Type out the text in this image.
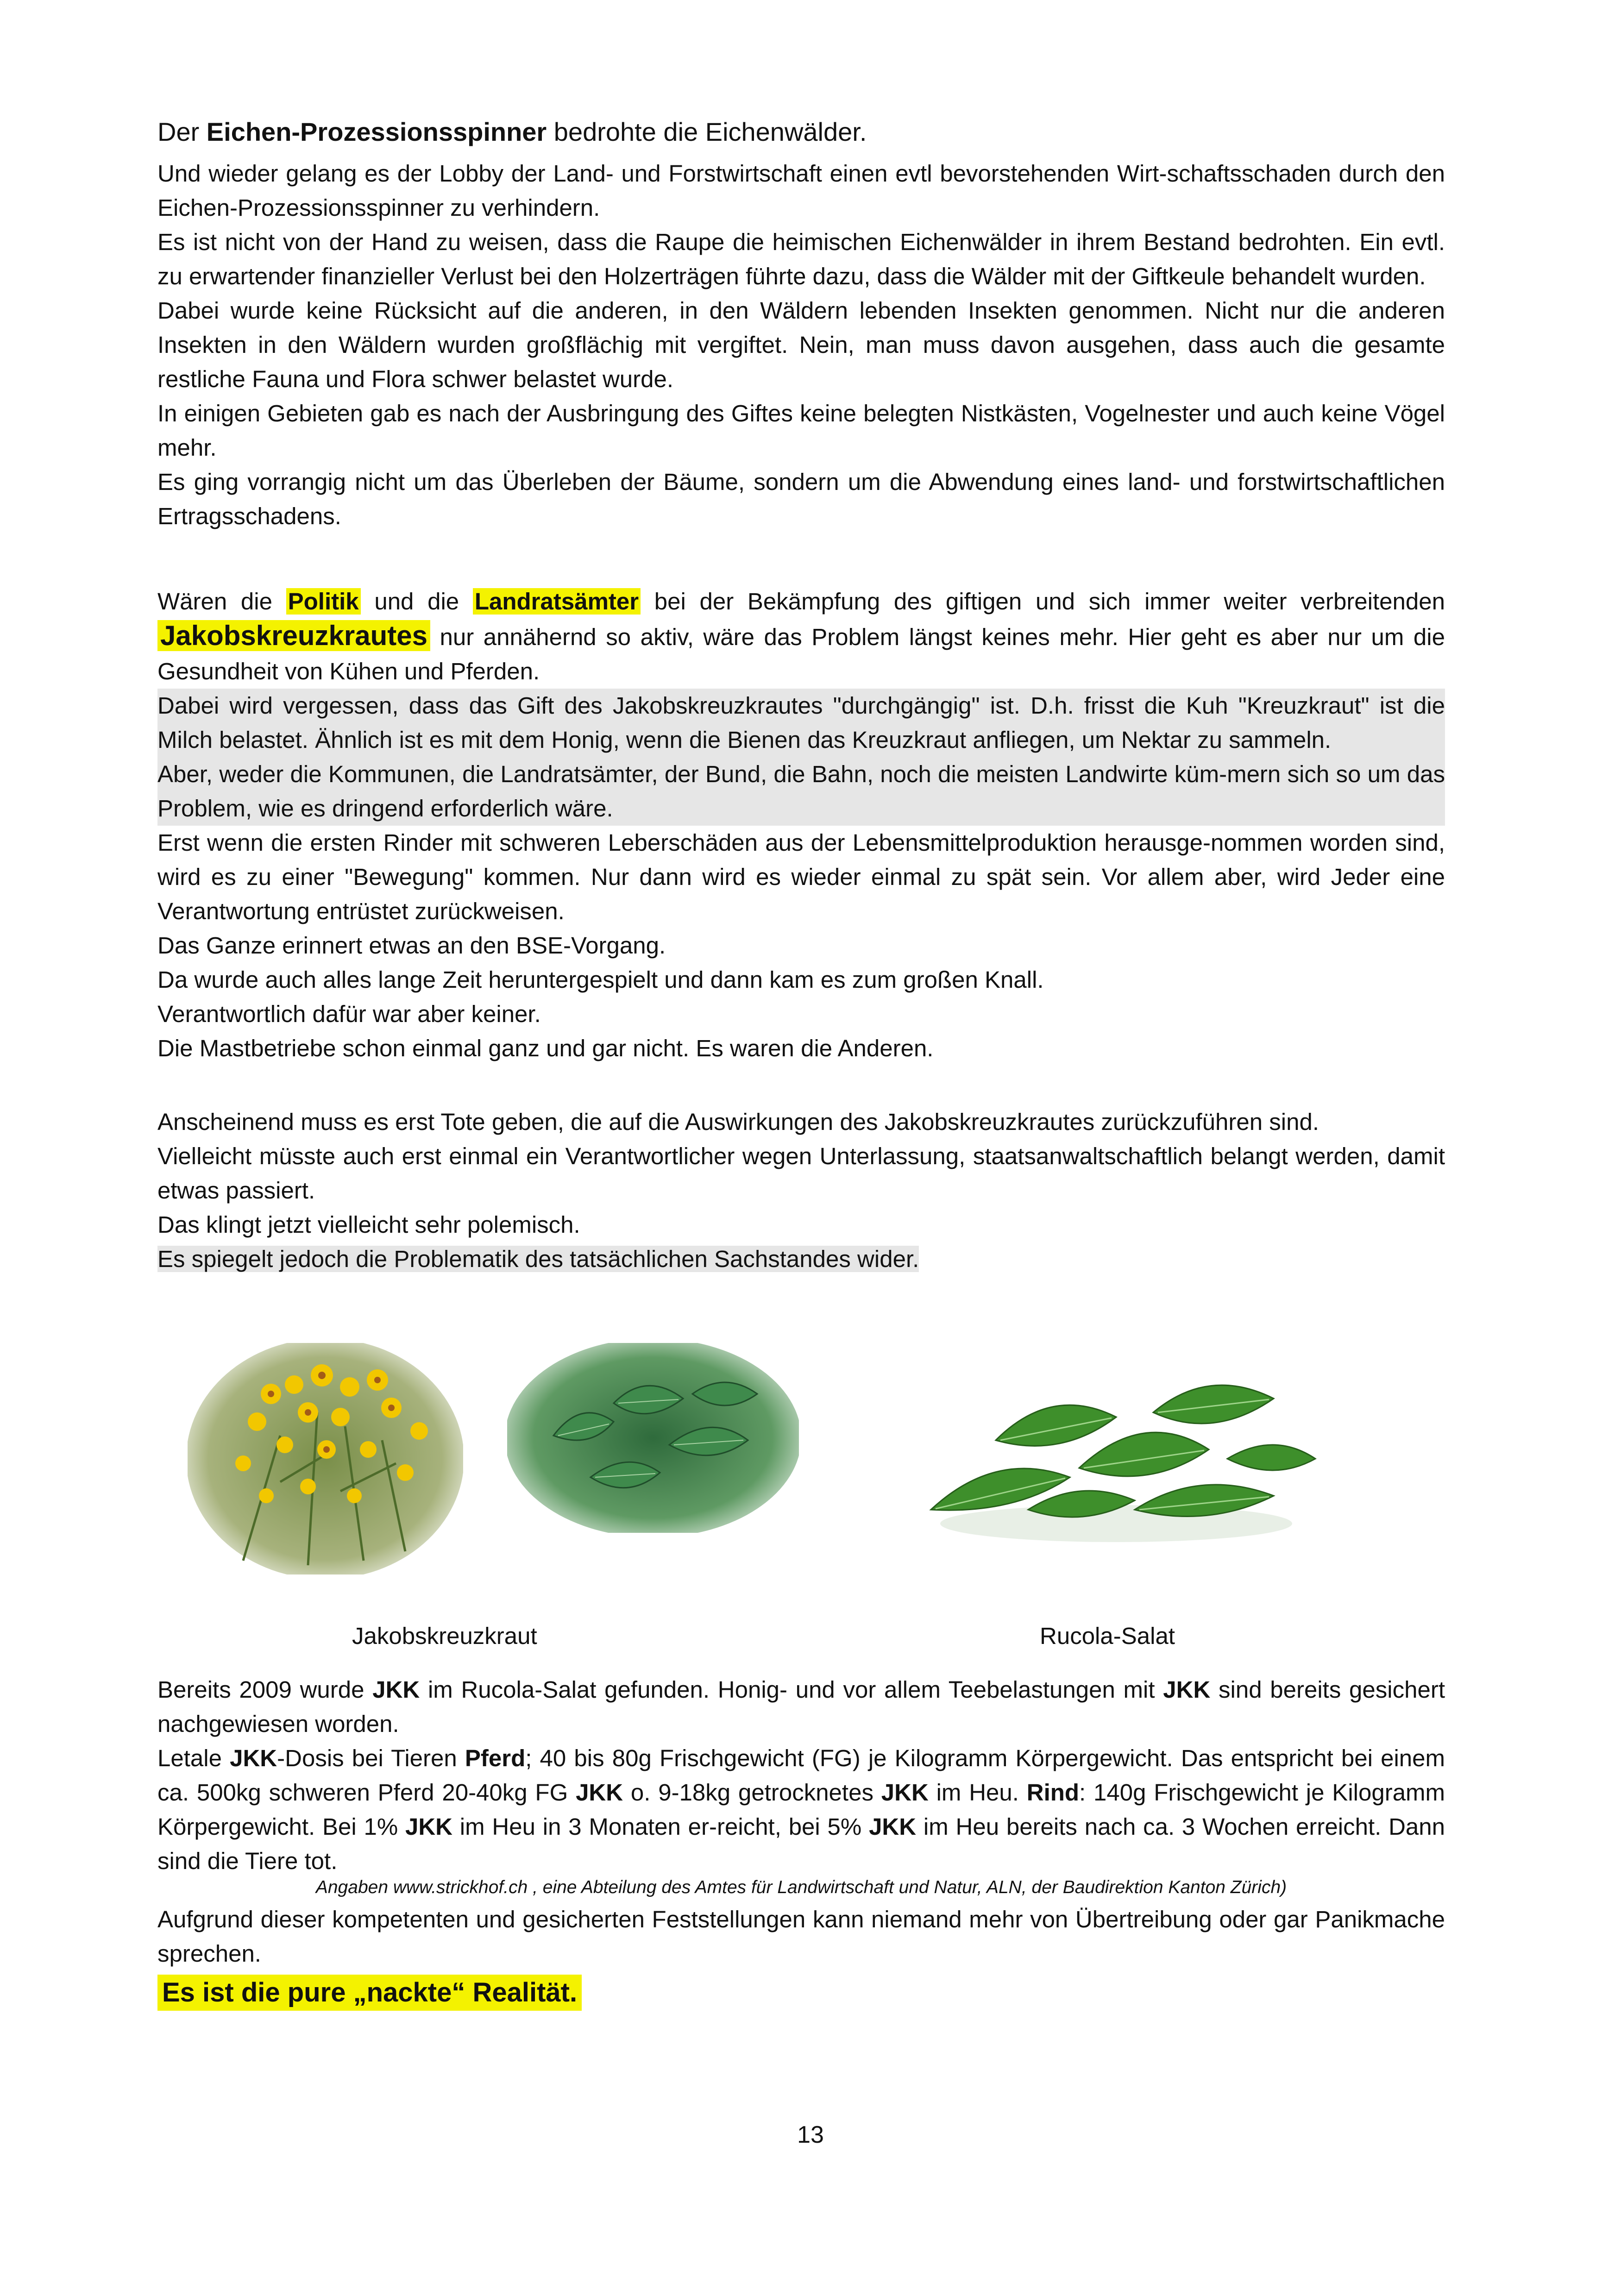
Der Eichen-Prozessionsspinner bedrohte die Eichenwälder.

Und wieder gelang es der Lobby der Land- und Forstwirtschaft einen evtl bevorstehenden Wirt-schaftsschaden durch den Eichen-Prozessionsspinner zu verhindern.

Es ist nicht von der Hand zu weisen, dass die Raupe die heimischen Eichenwälder in ihrem Bestand bedrohten. Ein evtl. zu erwartender finanzieller Verlust bei den Holzerträgen führte dazu, dass die Wälder mit der Giftkeule behandelt wurden.

Dabei wurde keine Rücksicht auf die anderen, in den Wäldern lebenden Insekten genommen. Nicht nur die anderen Insekten in den Wäldern wurden großflächig mit vergiftet. Nein, man muss davon ausgehen, dass auch die gesamte restliche Fauna und Flora schwer belastet wurde.

In einigen Gebieten gab es nach der Ausbringung des Giftes keine belegten Nistkästen, Vogelnester und auch keine Vögel mehr.

Es ging vorrangig nicht um das Überleben der Bäume, sondern um die Abwendung eines land- und forstwirtschaftlichen Ertragsschadens.

Wären die Politik und die Landratsämter bei der Bekämpfung des giftigen und sich immer weiter verbreitenden Jakobskreuzkrautes nur annähernd so aktiv, wäre das Problem längst keines mehr. Hier geht es aber nur um die Gesundheit von Kühen und Pferden.

Dabei wird vergessen, dass das Gift des Jakobskreuzkrautes "durchgängig" ist. D.h. frisst die Kuh "Kreuzkraut" ist die Milch belastet. Ähnlich ist es mit dem Honig, wenn die Bienen das Kreuzkraut anfliegen, um Nektar zu sammeln.

Aber, weder die Kommunen, die Landratsämter, der Bund, die Bahn, noch die meisten Landwirte küm-mern sich so um das Problem, wie es dringend erforderlich wäre.

Erst wenn die ersten Rinder mit schweren Leberschäden aus der Lebensmittelproduktion herausge-nommen worden sind, wird es zu einer "Bewegung" kommen. Nur dann wird es wieder einmal zu spät sein. Vor allem aber, wird Jeder eine Verantwortung entrüstet zurückweisen.

Das Ganze erinnert etwas an den BSE-Vorgang.

Da wurde auch alles lange Zeit heruntergespielt und dann kam es zum großen Knall.

Verantwortlich dafür war aber keiner.

Die Mastbetriebe schon einmal ganz und gar nicht. Es waren die Anderen.

Anscheinend muss es erst Tote geben, die auf die Auswirkungen des Jakobskreuzkrautes zurückzuführen sind.

Vielleicht müsste auch erst einmal ein Verantwortlicher wegen Unterlassung, staatsanwaltschaftlich belangt werden, damit etwas passiert.

Das klingt jetzt vielleicht sehr polemisch.

Es spiegelt jedoch die Problematik des tatsächlichen Sachstandes wider.

Jakobskreuzkraut	Rucola-Salat

Bereits 2009 wurde JKK im Rucola-Salat gefunden. Honig- und vor allem Teebelastungen mit JKK sind bereits gesichert nachgewiesen worden.

Letale JKK-Dosis bei Tieren Pferd; 40 bis 80g Frischgewicht (FG) je Kilogramm Körpergewicht. Das entspricht bei einem ca. 500kg schweren Pferd 20-40kg FG JKK o. 9-18kg getrocknetes JKK im Heu. Rind: 140g Frischgewicht je Kilogramm Körpergewicht. Bei 1% JKK im Heu in 3 Monaten er-reicht, bei 5% JKK im Heu bereits nach ca. 3 Wochen erreicht. Dann sind die Tiere tot.

Angaben www.strickhof.ch , eine Abteilung des Amtes für Landwirtschaft und Natur, ALN, der Baudirektion Kanton Zürich)

Aufgrund dieser kompetenten und gesicherten Feststellungen kann niemand mehr von Übertreibung oder gar Panikmache sprechen.

Es ist die pure „nackte“ Realität.
13
